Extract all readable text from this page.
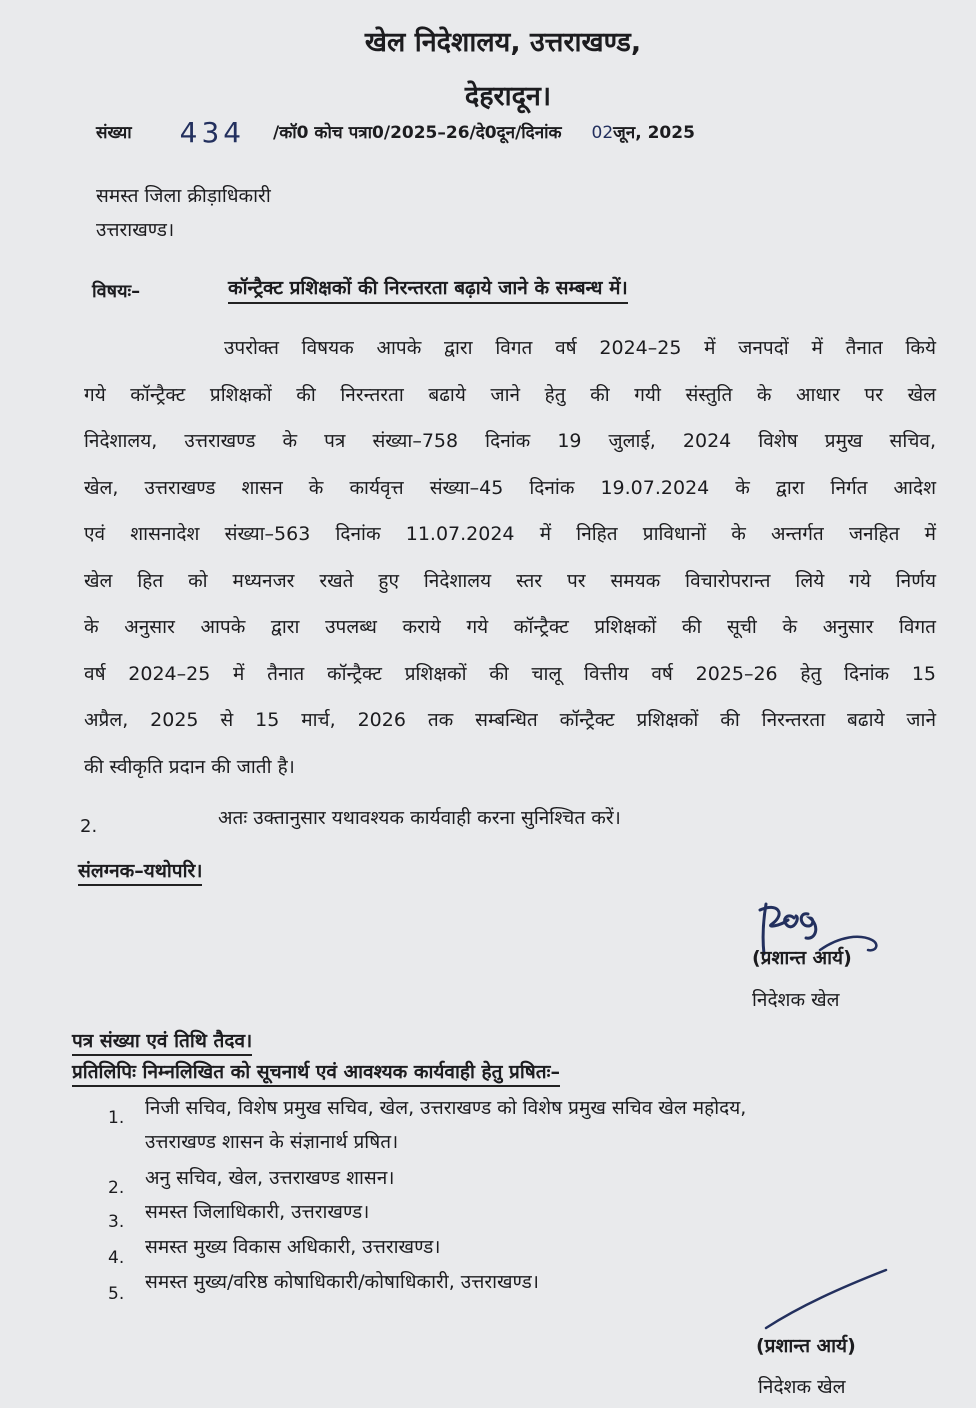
खेल निदेशालय, उत्तराखण्ड,
देहरादून।
संख्या 434 /कॉ0 कोच पत्रा0/2025–26/दे0दून/दिनांक 02जून, 2025
समस्त जिला क्रीड़ाधिकारी
उत्तराखण्ड।
विषयः–	कॉन्ट्रैक्ट प्रशिक्षकों की निरन्तरता बढ़ाये जाने के सम्बन्ध में।
उपरोक्त विषयक आपके द्वारा विगत वर्ष 2024–25 में जनपदों में तैनात किये
गये कॉन्ट्रैक्ट प्रशिक्षकों की निरन्तरता बढाये जाने हेतु की गयी संस्तुति के आधार पर खेल
निदेशालय, उत्तराखण्ड के पत्र संख्या–758 दिनांक 19 जुलाई, 2024 विशेष प्रमुख सचिव,
खेल, उत्तराखण्ड शासन के कार्यवृत्त संख्या–45 दिनांक 19.07.2024 के द्वारा निर्गत आदेश
एवं शासनादेश संख्या–563 दिनांक 11.07.2024 में निहित प्राविधानों के अन्तर्गत जनहित में
खेल हित को मध्यनजर रखते हुए निदेशालय स्तर पर समयक विचारोपरान्त लिये गये निर्णय
के अनुसार आपके द्वारा उपलब्ध कराये गये कॉन्ट्रैक्ट प्रशिक्षकों की सूची के अनुसार विगत
वर्ष 2024–25 में तैनात कॉन्ट्रैक्ट प्रशिक्षकों की चालू वित्तीय वर्ष 2025–26 हेतु दिनांक 15
अप्रैल, 2025 से 15 मार्च, 2026 तक सम्बन्धित कॉन्ट्रैक्ट प्रशिक्षकों की निरन्तरता बढाये जाने
की स्वीकृति प्रदान की जाती है।
2.	अतः उक्तानुसार यथावश्यक कार्यवाही करना सुनिश्चित करें।
संलग्नक–यथोपरि।
(प्रशान्त आर्य)
निदेशक खेल
पत्र संख्या एवं तिथि तैदव।
प्रतिलिपिः निम्नलिखित को सूचनार्थ एवं आवश्यक कार्यवाही हेतु प्रषितः–
1. निजी सचिव, विशेष प्रमुख सचिव, खेल, उत्तराखण्ड को विशेष प्रमुख सचिव खेल महोदय,
उत्तराखण्ड शासन के संज्ञानार्थ प्रषित।
2. अनु सचिव, खेल, उत्तराखण्ड शासन।
3. समस्त जिलाधिकारी, उत्तराखण्ड।
4. समस्त मुख्य विकास अधिकारी, उत्तराखण्ड।
5.
समस्त मुख्य/वरिष्ठ कोषाधिकारी/कोषाधिकारी, उत्तराखण्ड।
(प्रशान्त आर्य)
निदेशक खेल
